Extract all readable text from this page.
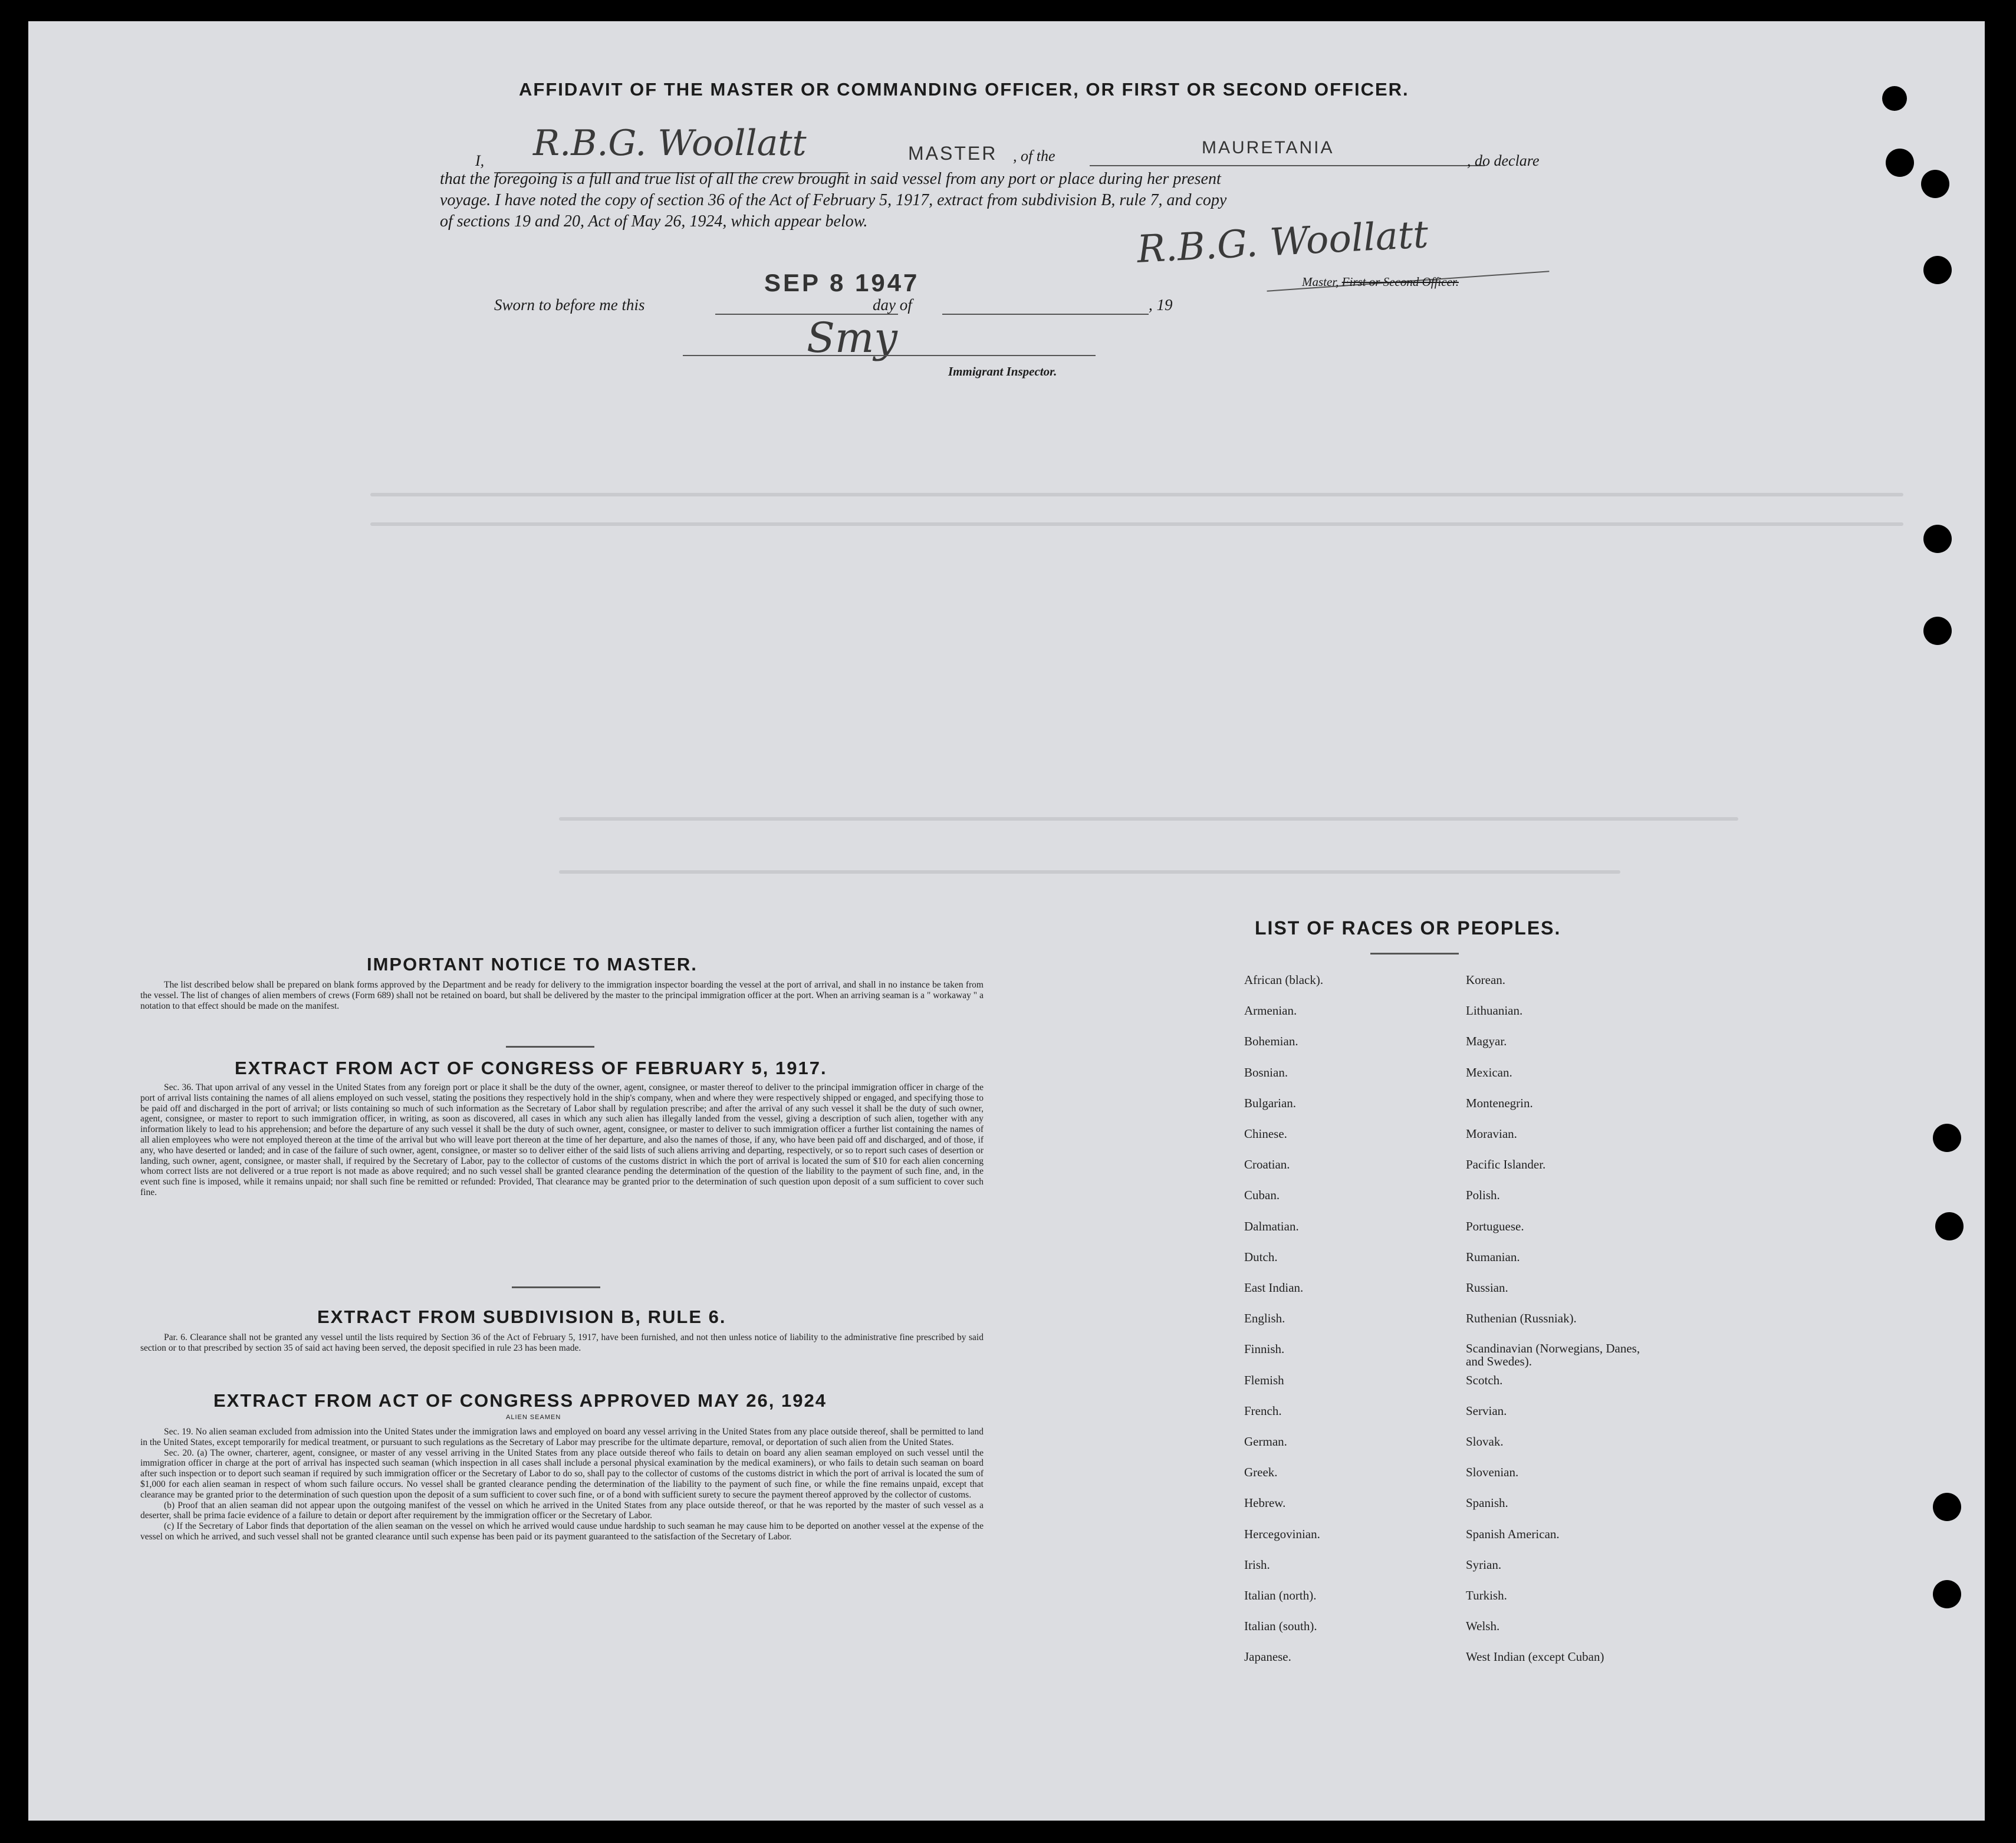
AFFIDAVIT OF THE MASTER OR COMMANDING OFFICER, OR FIRST OR SECOND OFFICER.
I, R.B.G. Woollatt	MASTER , of the	MAURETANIA
, do declare
that the foregoing is a full and true list of all the crew brought in said vessel from any port or place during her present
voyage. I have noted the copy of section 36 of the Act of February 5, 1917, extract from subdivision B, rule 7, and copy
of sections 19 and 20, Act of May 26, 1924, which appear below.	R.B.G. Woollatt
Master, First or Second Officer.
Sworn to before me this
SEP 8 1947
day of	, 19
Smy
Immigrant Inspector.
IMPORTANT NOTICE TO MASTER.

The list described below shall be prepared on blank forms approved by the Department and be ready for delivery to the immigration inspector boarding the vessel at the port of arrival, and shall in no instance be taken from the vessel. The list of changes of alien members of crews (Form 689) shall not be retained on board, but shall be delivered by the master to the principal immigration officer at the port. When an arriving seaman is a " workaway " a notation to that effect should be made on the manifest.

EXTRACT FROM ACT OF CONGRESS OF FEBRUARY 5, 1917.

Sec. 36. That upon arrival of any vessel in the United States from any foreign port or place it shall be the duty of the owner, agent, consignee, or master thereof to deliver to the principal immigration officer in charge of the port of arrival lists containing the names of all aliens employed on such vessel, stating the positions they respectively hold in the ship's company, when and where they were respectively shipped or engaged, and specifying those to be paid off and discharged in the port of arrival; or lists containing so much of such information as the Secretary of Labor shall by regulation prescribe; and after the arrival of any such vessel it shall be the duty of such owner, agent, consignee, or master to report to such immigration officer, in writing, as soon as discovered, all cases in which any such alien has illegally landed from the vessel, giving a description of such alien, together with any information likely to lead to his apprehension; and before the departure of any such vessel it shall be the duty of such owner, agent, consignee, or master to deliver to such immigration officer a further list containing the names of all alien employees who were not employed thereon at the time of the arrival but who will leave port thereon at the time of her departure, and also the names of those, if any, who have been paid off and discharged, and of those, if any, who have deserted or landed; and in case of the failure of such owner, agent, consignee, or master so to deliver either of the said lists of such aliens arriving and departing, respectively, or so to report such cases of desertion or landing, such owner, agent, consignee, or master shall, if required by the Secretary of Labor, pay to the collector of customs of the customs district in which the port of arrival is located the sum of $10 for each alien concerning whom correct lists are not delivered or a true report is not made as above required; and no such vessel shall be granted clearance pending the determination of the question of the liability to the payment of such fine, and, in the event such fine is imposed, while it remains unpaid; nor shall such fine be remitted or refunded: Provided, That clearance may be granted prior to the determination of such question upon deposit of a sum sufficient to cover such fine.

EXTRACT FROM SUBDIVISION B, RULE 6.

Par. 6. Clearance shall not be granted any vessel until the lists required by Section 36 of the Act of February 5, 1917, have been furnished, and not then unless notice of liability to the administrative fine prescribed by said section or to that prescribed by section 35 of said act having been served, the deposit specified in rule 23 has been made.

EXTRACT FROM ACT OF CONGRESS APPROVED MAY 26, 1924
ALIEN SEAMEN

Sec. 19. No alien seaman excluded from admission into the United States under the immigration laws and employed on board any vessel arriving in the United States from any place outside thereof, shall be permitted to land in the United States, except temporarily for medical treatment, or pursuant to such regulations as the Secretary of Labor may prescribe for the ultimate departure, removal, or deportation of such alien from the United States.

Sec. 20. (a) The owner, charterer, agent, consignee, or master of any vessel arriving in the United States from any place outside thereof who fails to detain on board any alien seaman employed on such vessel until the immigration officer in charge at the port of arrival has inspected such seaman (which inspection in all cases shall include a personal physical examination by the medical examiners), or who fails to detain such seaman on board after such inspection or to deport such seaman if required by such immigration officer or the Secretary of Labor to do so, shall pay to the collector of customs of the customs district in which the port of arrival is located the sum of $1,000 for each alien seaman in respect of whom such failure occurs. No vessel shall be granted clearance pending the determination of the liability to the payment of such fine, or while the fine remains unpaid, except that clearance may be granted prior to the determination of such question upon the deposit of a sum sufficient to cover such fine, or of a bond with sufficient surety to secure the payment thereof approved by the collector of customs.

(b) Proof that an alien seaman did not appear upon the outgoing manifest of the vessel on which he arrived in the United States from any place outside thereof, or that he was reported by the master of such vessel as a deserter, shall be prima facie evidence of a failure to detain or deport after requirement by the immigration officer or the Secretary of Labor.

(c) If the Secretary of Labor finds that deportation of the alien seaman on the vessel on which he arrived would cause undue hardship to such seaman he may cause him to be deported on another vessel at the expense of the vessel on which he arrived, and such vessel shall not be granted clearance until such expense has been paid or its payment guaranteed to the satisfaction of the Secretary of Labor.

LIST OF RACES OR PEOPLES.
African (black).
Armenian.
Bohemian.
Bosnian.
Bulgarian.
Chinese.
Croatian.
Cuban.
Dalmatian.
Dutch.
East Indian.
English.
Finnish.
Flemish
French.
German.
Greek.
Hebrew.
Hercegovinian.
Irish.
Italian (north).
Italian (south).
Japanese.
Korean.
Lithuanian.
Magyar.
Mexican.
Montenegrin.
Moravian.
Pacific Islander.
Polish.
Portuguese.
Rumanian.
Russian.
Ruthenian (Russniak).
Scandinavian (Norwegians, Danes, and Swedes).
Scotch.
Servian.
Slovak.
Slovenian.
Spanish.
Spanish American.
Syrian.
Turkish.
Welsh.
West Indian (except Cuban)
